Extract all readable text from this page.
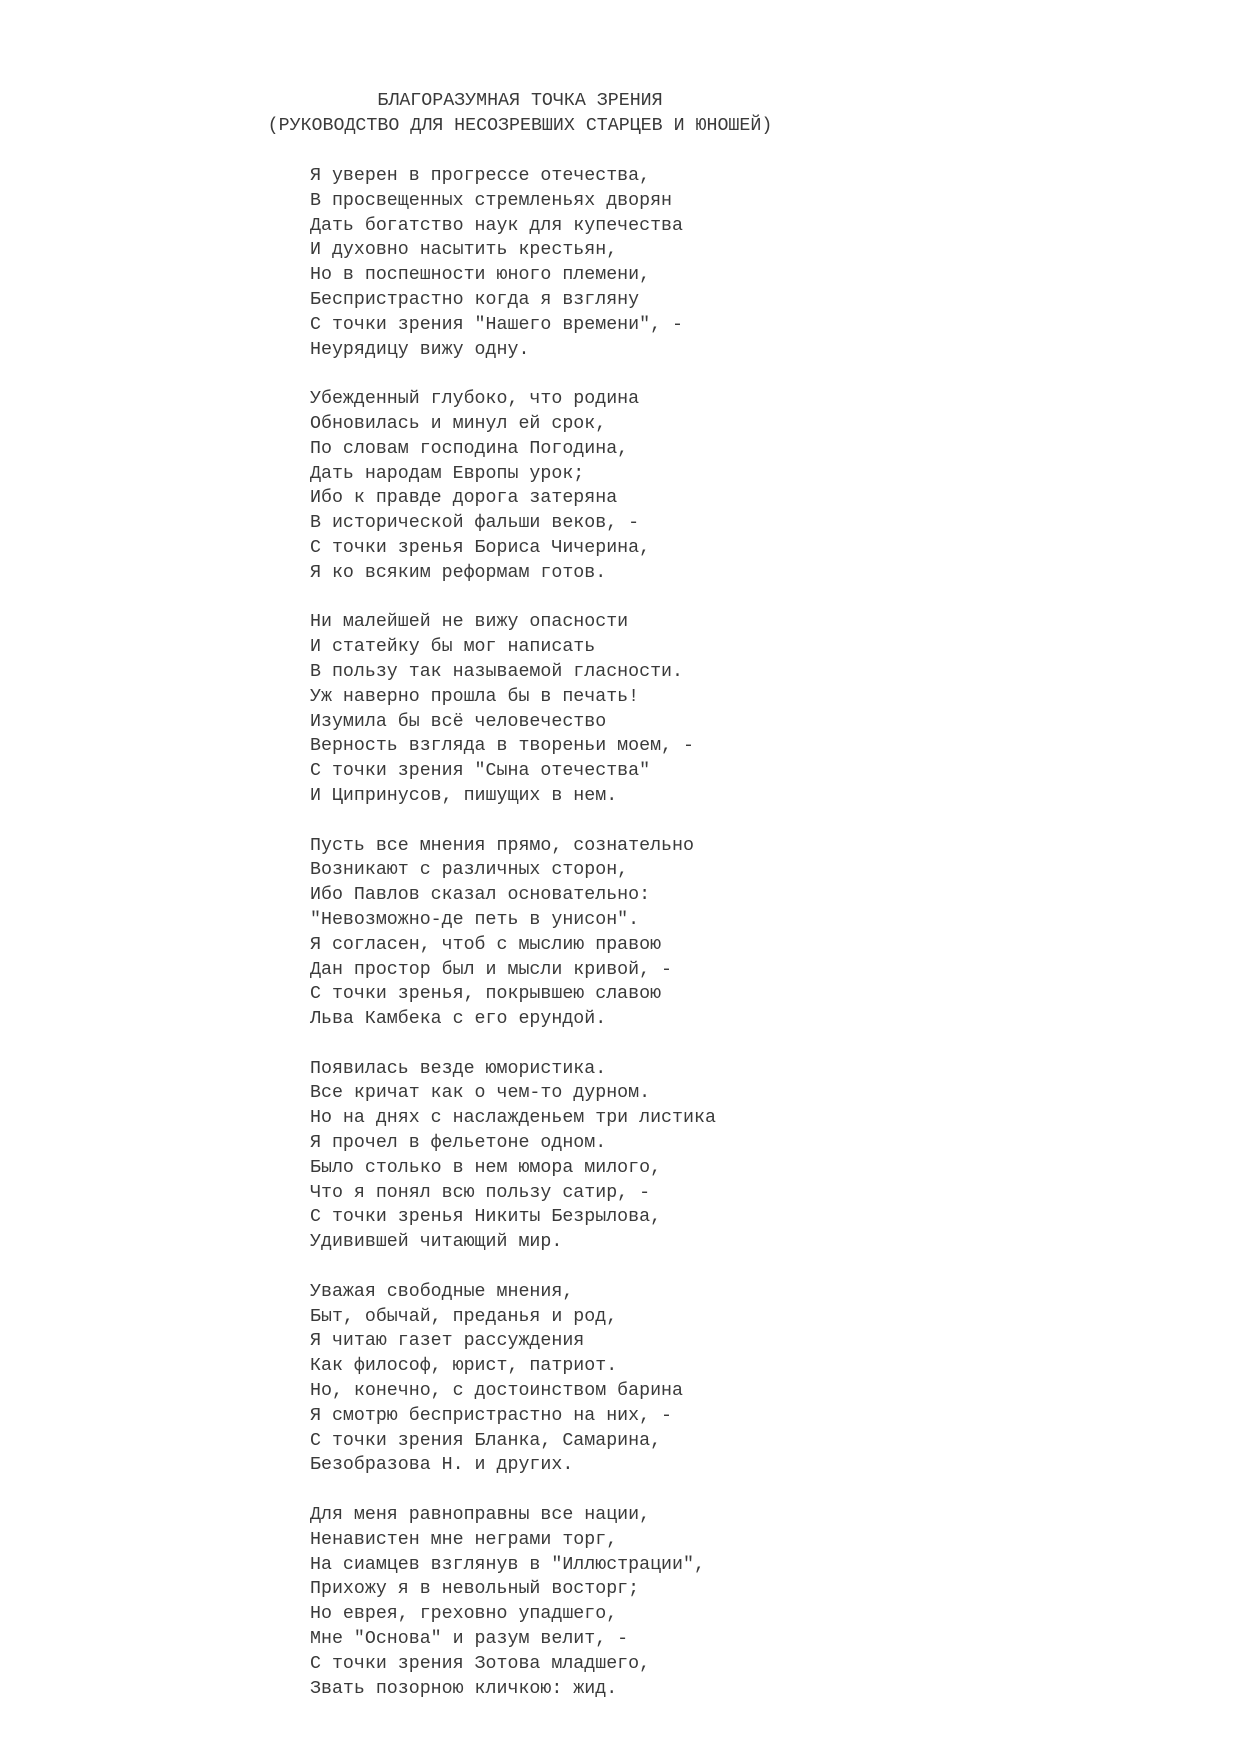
БЛАГОРАЗУМНАЯ ТОЧКА ЗРЕНИЯ
(РУКОВОДСТВО ДЛЯ НЕСОЗРЕВШИХ СТАРЦЕВ И ЮНОШЕЙ)
Я уверен в прогрессе отечества,
В просвещенных стремленьях дворян
Дать богатство наук для купечества
И духовно насытить крестьян,
Но в поспешности юного племени,
Беспристрастно когда я взгляну
С точки зрения "Нашего времени", -
Неурядицу вижу одну.
Убежденный глубоко, что родина
Обновилась и минул ей срок,
По словам господина Погодина,
Дать народам Европы урок;
Ибо к правде дорога затеряна
В исторической фальши веков, -
С точки зренья Бориса Чичерина,
Я ко всяким реформам готов.
Ни малейшей не вижу опасности
И статейку бы мог написать
В пользу так называемой гласности.
Уж наверно прошла бы в печать!
Изумила бы всё человечество
Верность взгляда в твореньи моем, -
С точки зрения "Сына отечества"
И Ципринусов, пишущих в нем.
Пусть все мнения прямо, сознательно
Возникают с различных сторон,
Ибо Павлов сказал основательно:
"Невозможно-де петь в унисон".
Я согласен, чтоб с мыслию правою
Дан простор был и мысли кривой, -
С точки зренья, покрывшею славою
Льва Камбека с его ерундой.
Появилась везде юмористика.
Все кричат как о чем-то дурном.
Но на днях с наслажденьем три листика
Я прочел в фельетоне одном.
Было столько в нем юмора милого,
Что я понял всю пользу сатир, -
С точки зренья Никиты Безрылова,
Удивившей читающий мир.
Уважая свободные мнения,
Быт, обычай, преданья и род,
Я читаю газет рассуждения
Как философ, юрист, патриот.
Но, конечно, с достоинством барина
Я смотрю беспристрастно на них, -
С точки зрения Бланка, Самарина,
Безобразова Н. и других.
Для меня равноправны все нации,
Ненавистен мне неграми торг,
На сиамцев взглянув в "Иллюстрации",
Прихожу я в невольный восторг;
Но еврея, греховно упадшего,
Мне "Основа" и разум велит, -
С точки зрения Зотова младшего,
Звать позорною кличкою: жид.
